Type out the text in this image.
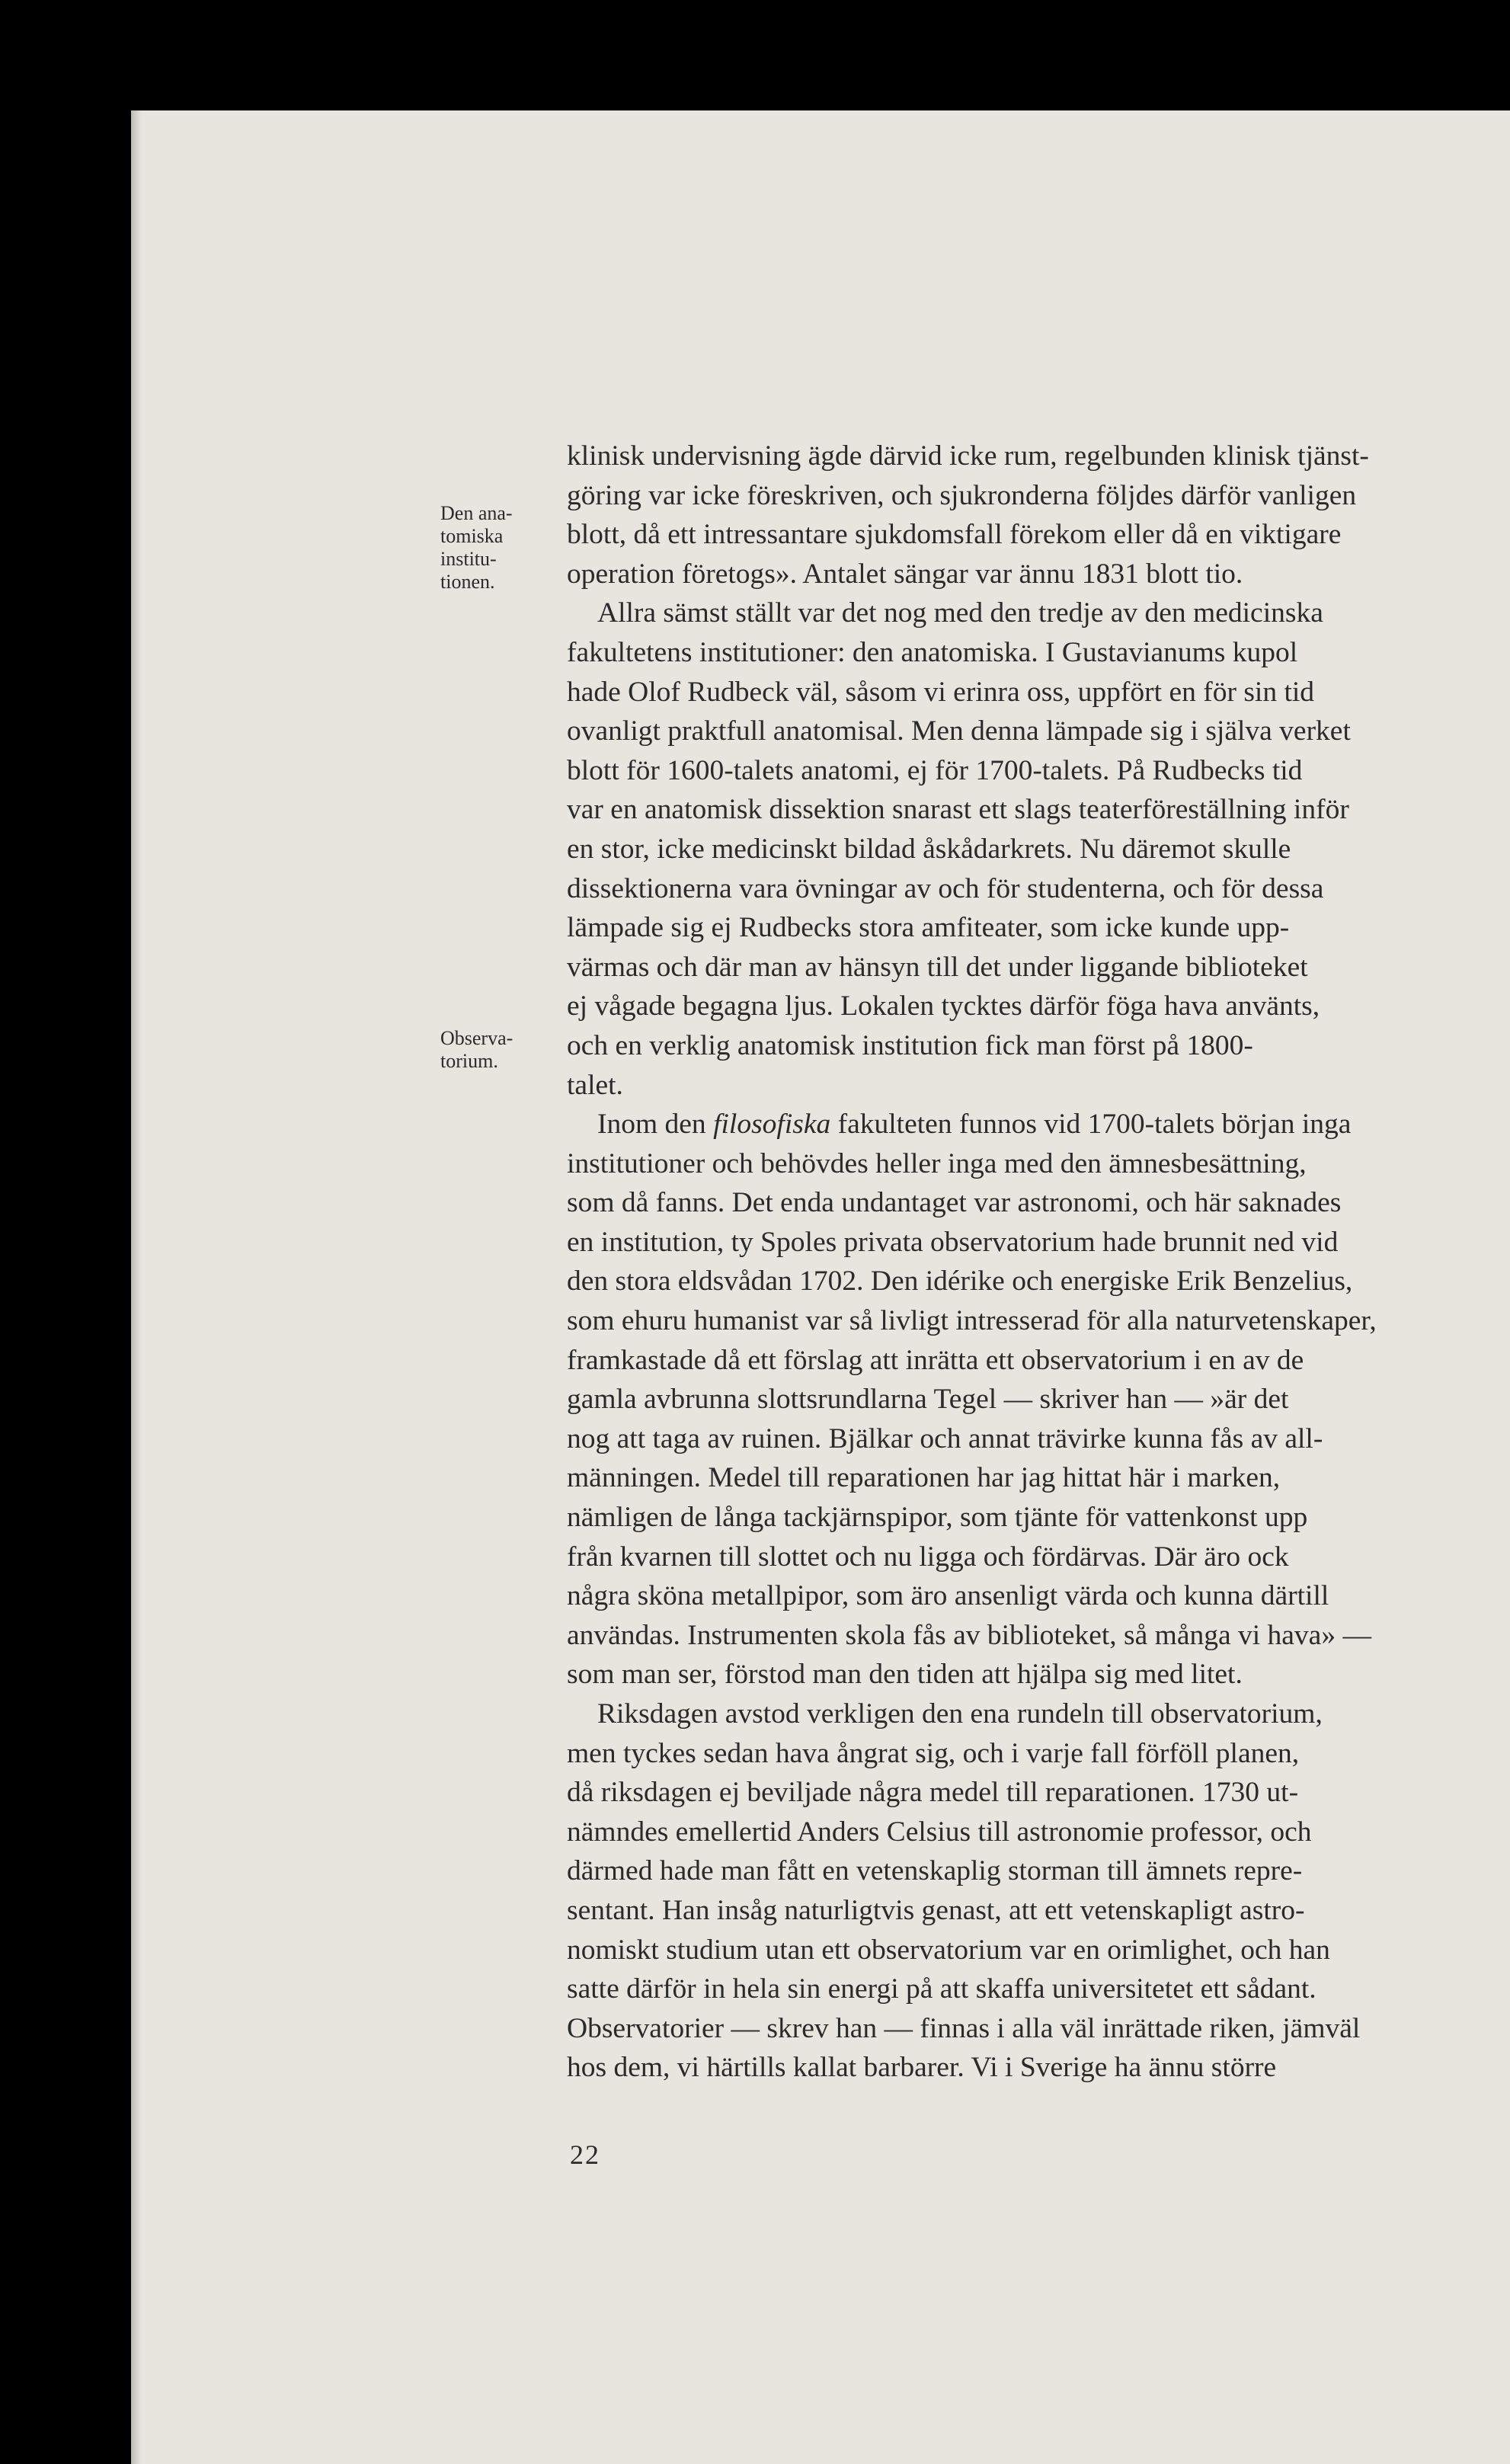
Den ana-
tomiska
institu-
tionen.

Observa-
torium.

klinisk undervisning ägde därvid icke rum, regelbunden klinisk tjänst-
göring var icke föreskriven, och sjukronderna följdes därför vanligen
blott, då ett intressantare sjukdomsfall förekom eller då en viktigare
operation företogs». Antalet sängar var ännu 1831 blott tio.

Allra sämst ställt var det nog med den tredje av den medicinska
fakultetens institutioner: den anatomiska. I Gustavianums kupol
hade Olof Rudbeck väl, såsom vi erinra oss, uppfört en för sin tid
ovanligt praktfull anatomisal. Men denna lämpade sig i själva verket
blott för 1600-talets anatomi, ej för 1700-talets. På Rudbecks tid
var en anatomisk dissektion snarast ett slags teaterföreställning inför
en stor, icke medicinskt bildad åskådarkrets. Nu däremot skulle
dissektionerna vara övningar av och för studenterna, och för dessa
lämpade sig ej Rudbecks stora amfiteater, som icke kunde upp-
värmas och där man av hänsyn till det under liggande biblioteket
ej vågade begagna ljus. Lokalen tycktes därför föga hava använts,
och en verklig anatomisk institution fick man först på 1800-
talet.

Inom den filosofiska fakulteten funnos vid 1700-talets början inga
institutioner och behövdes heller inga med den ämnesbesättning,
som då fanns. Det enda undantaget var astronomi, och här saknades
en institution, ty Spoles privata observatorium hade brunnit ned vid
den stora eldsvådan 1702. Den idérike och energiske Erik Benzelius,
som ehuru humanist var så livligt intresserad för alla naturvetenskaper,
framkastade då ett förslag att inrätta ett observatorium i en av de
gamla avbrunna slottsrundlarna Tegel — skriver han — »är det
nog att taga av ruinen. Bjälkar och annat trävirke kunna fås av all-
männingen. Medel till reparationen har jag hittat här i marken,
nämligen de långa tackjärnspipor, som tjänte för vattenkonst upp
från kvarnen till slottet och nu ligga och fördärvas. Där äro ock
några sköna metallpipor, som äro ansenligt värda och kunna därtill
användas. Instrumenten skola fås av biblioteket, så många vi hava» —
som man ser, förstod man den tiden att hjälpa sig med litet.

Riksdagen avstod verkligen den ena rundeln till observatorium,
men tyckes sedan hava ångrat sig, och i varje fall förföll planen,
då riksdagen ej beviljade några medel till reparationen. 1730 ut-
nämndes emellertid Anders Celsius till astronomie professor, och
därmed hade man fått en vetenskaplig storman till ämnets repre-
sentant. Han insåg naturligtvis genast, att ett vetenskapligt astro-
nomiskt studium utan ett observatorium var en orimlighet, och han
satte därför in hela sin energi på att skaffa universitetet ett sådant.
Observatorier — skrev han — finnas i alla väl inrättade riken, jämväl
hos dem, vi härtills kallat barbarer. Vi i Sverige ha ännu större

22
